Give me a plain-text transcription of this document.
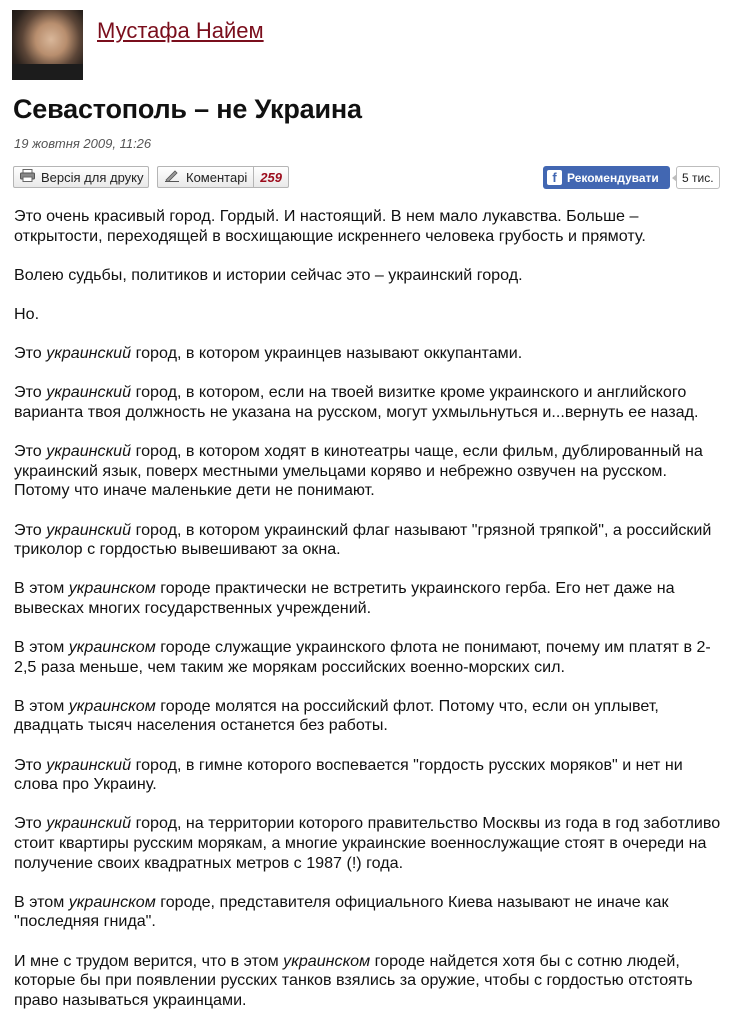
Мустафа Найем
Севастополь – не Украина
19 жовтня 2009, 11:26
Версія для друку	Коментарі 259	f Рекомендувати	5 тис.

Это очень красивый город. Гордый. И настоящий. В нем мало лукавства. Больше – открытости, переходящей в восхищающие искреннего человека грубость и прямоту.

Волею судьбы, политиков и истории сейчас это – украинский город.

Но.

Это украинский город, в котором украинцев называют оккупантами.

Это украинский город, в котором, если на твоей визитке кроме украинского и английского варианта твоя должность не указана на русском, могут ухмыльнуться и...вернуть ее назад.

Это украинский город, в котором ходят в кинотеатры чаще, если фильм, дублированный на украинский язык, поверх местными умельцами коряво и небрежно озвучен на русском. Потому что иначе маленькие дети не понимают.

Это украинский город, в котором украинский флаг называют "грязной тряпкой", а российский триколор с гордостью вывешивают за окна.

В этом украинском городе практически не встретить украинского герба. Его нет даже на вывесках многих государственных учреждений.

В этом украинском городе служащие украинского флота не понимают, почему им платят в 2-2,5 раза меньше, чем таким же морякам российских военно-морских сил.

В этом украинском городе молятся на российский флот. Потому что, если он уплывет, двадцать тысяч населения останется без работы.

Это украинский город, в гимне которого воспевается "гордость русских моряков" и нет ни слова про Украину.

Это украинский город, на территории которого правительство Москвы из года в год заботливо стоит квартиры русским морякам, а многие украинские военнослужащие стоят в очереди на получение своих квадратных метров с 1987 (!) года.

В этом украинском городе, представителя официального Киева называют не иначе как "последняя гнида".

И мне с трудом верится, что в этом украинском городе найдется хотя бы с сотню людей, которые бы при появлении русских танков взялись за оружие, чтобы с гордостью отстоять право называться украинцами.
